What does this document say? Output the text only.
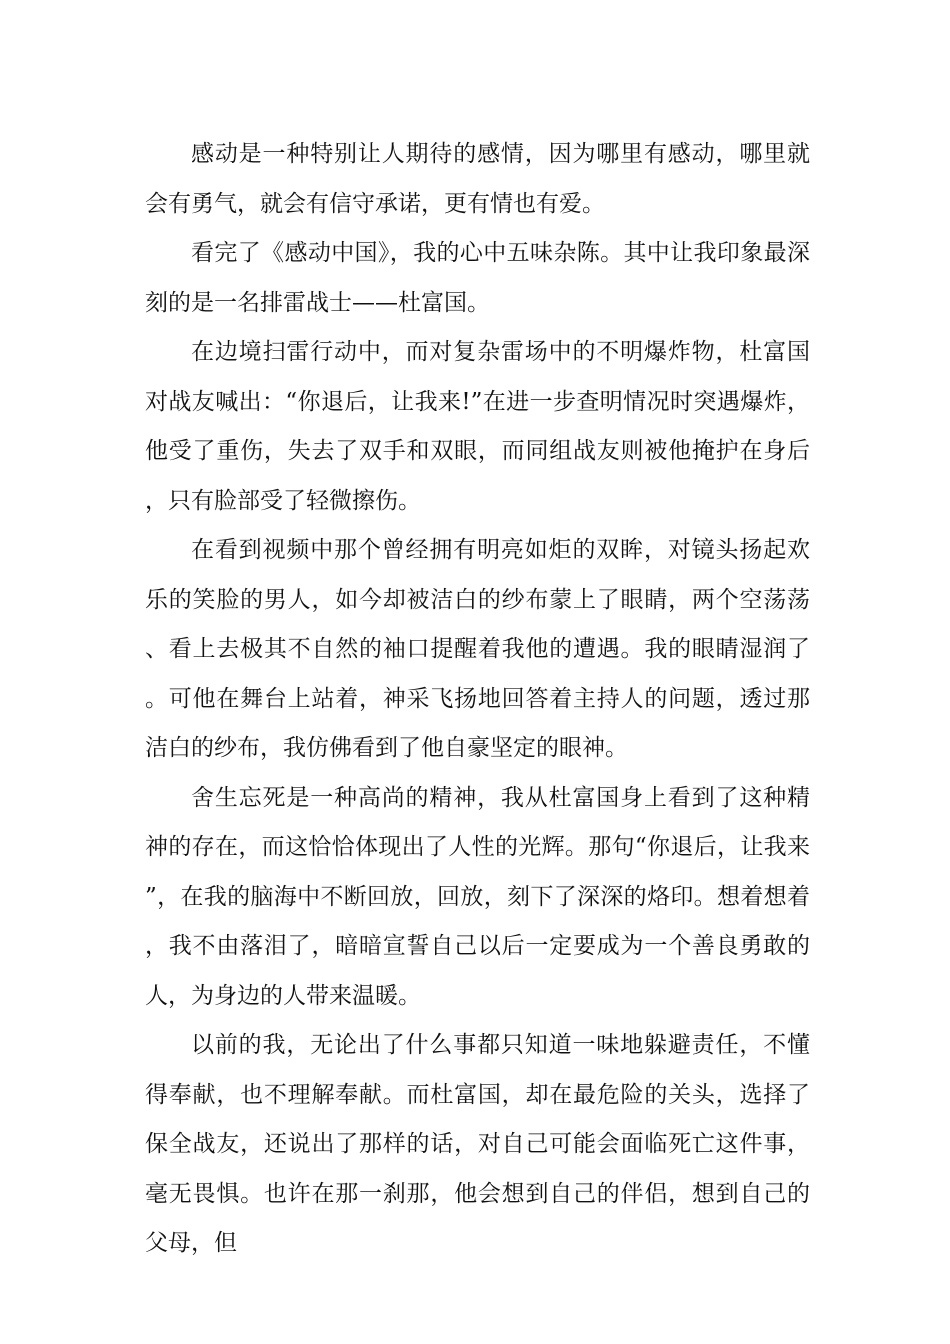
感动是一种特别让人期待的感情，因为哪里有感动，哪里就会有勇气，就会有信守承诺，更有情也有爱。

看完了《感动中国》，我的心中五味杂陈。其中让我印象最深刻的是一名排雷战士——杜富国。

在边境扫雷行动中，而对复杂雷场中的不明爆炸物，杜富国对战友喊出：“你退后，让我来!”在进一步查明情况时突遇爆炸，他受了重伤，失去了双手和双眼，而同组战友则被他掩护在身后，只有脸部受了轻微擦伤。

在看到视频中那个曾经拥有明亮如炬的双眸，对镜头扬起欢乐的笑脸的男人，如今却被洁白的纱布蒙上了眼睛，两个空荡荡、看上去极其不自然的袖口提醒着我他的遭遇。我的眼睛湿润了。可他在舞台上站着，神采飞扬地回答着主持人的问题，透过那洁白的纱布，我仿佛看到了他自豪坚定的眼神。

舍生忘死是一种高尚的精神，我从杜富国身上看到了这种精神的存在，而这恰恰体现出了人性的光辉。那句“你退后，让我来”，在我的脑海中不断回放，回放，刻下了深深的烙印。想着想着，我不由落泪了，暗暗宣誓自己以后一定要成为一个善良勇敢的人，为身边的人带来温暖。

以前的我，无论出了什么事都只知道一味地躲避责任，不懂得奉献，也不理解奉献。而杜富国，却在最危险的关头，选择了保全战友，还说出了那样的话，对自己可能会面临死亡这件事，毫无畏惧。也许在那一刹那，他会想到自己的伴侣，想到自己的父母，但
